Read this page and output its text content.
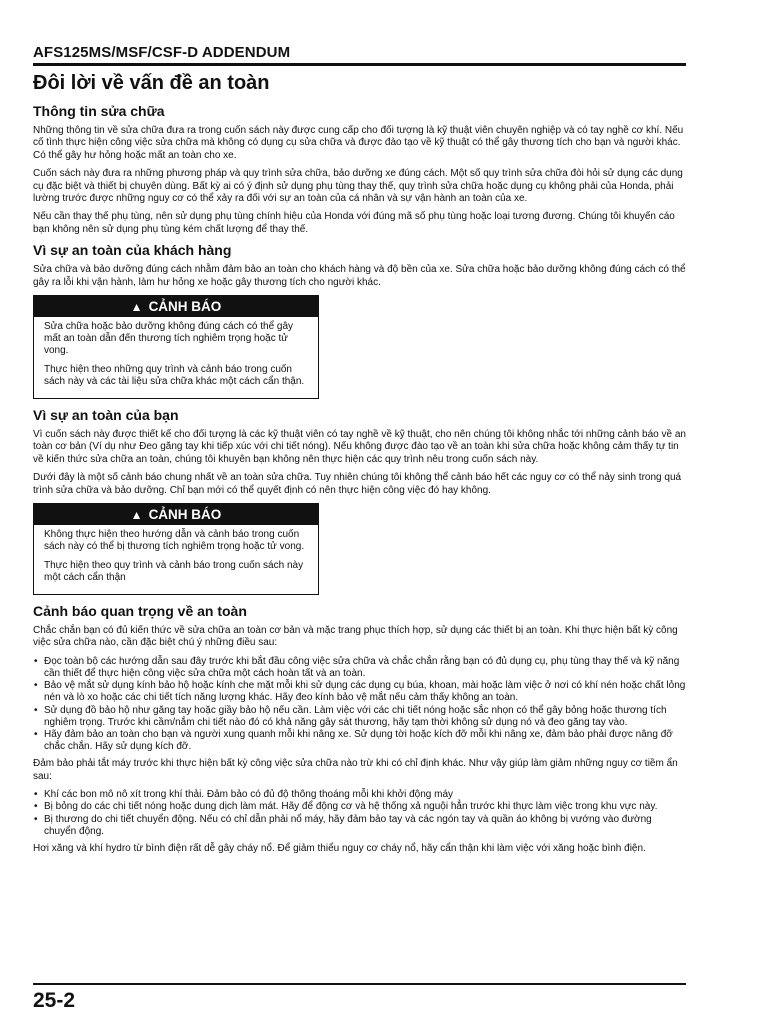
AFS125MS/MSF/CSF-D ADDENDUM
Đôi lời về vấn đề an toàn
Thông tin sửa chữa

Những thông tin về sửa chữa đưa ra trong cuốn sách này được cung cấp cho đối tượng là kỹ thuật viên chuyên nghiệp và có tay nghề cơ khí. Nếu cố tình thực hiện công việc sửa chữa mà không có dụng cụ sửa chữa và được đào tạo về kỹ thuật có thể gây thương tích cho bạn và người khác. Có thể gây hư hỏng hoặc mất an toàn cho xe.

Cuốn sách này đưa ra những phương pháp và quy trình sửa chữa, bảo dưỡng xe đúng cách. Một số quy trình sửa chữa đòi hỏi sử dụng các dụng cụ đặc biệt và thiết bị chuyên dùng. Bất kỳ ai có ý định sử dụng phụ tùng thay thế, quy trình sửa chữa hoặc dụng cụ không phải của Honda, phải lường trước được những nguy cơ có thể xảy ra đối với sự an toàn của cá nhân và sự vận hành an toàn của xe.

Nếu cần thay thế phụ tùng, nên sử dụng phụ tùng chính hiệu của Honda với đúng mã số phụ tùng hoặc loại tương đương. Chúng tôi khuyến cáo bạn không nên sử dụng phụ tùng kém chất lượng để thay thế.

Vì sự an toàn của khách hàng

Sửa chữa và bảo dưỡng đúng cách nhằm đảm bảo an toàn cho khách hàng và độ bền của xe. Sửa chữa hoặc bảo dưỡng không đúng cách có thể gây ra lỗi khi vận hành, làm hư hỏng xe hoặc gây thương tích cho người khác.

▲ CẢNH BÁO

Sửa chữa hoặc bảo dưỡng không đúng cách có thể gây mất an toàn dẫn đến thương tích nghiêm trọng hoặc tử vong.

Thực hiện theo những quy trình và cảnh báo trong cuốn sách này và các tài liệu sửa chữa khác một cách cẩn thận.

Vì sự an toàn của bạn

Vì cuốn sách này được thiết kế cho đối tượng là các kỹ thuật viên có tay nghề về kỹ thuật, cho nên chúng tôi không nhắc tới những cảnh báo về an toàn cơ bản (Ví dụ như Đeo găng tay khi tiếp xúc với chi tiết nóng). Nếu không được đào tạo về an toàn khi sửa chữa hoặc không cảm thấy tự tin về kiến thức sửa chữa an toàn, chúng tôi khuyên bạn không nên thực hiện các quy trình nêu trong cuốn sách này.

Dưới đây là một số cảnh báo chung nhất về an toàn sửa chữa. Tuy nhiên chúng tôi không thể cảnh báo hết các nguy cơ có thể nảy sinh trong quá trình sửa chữa và bảo dưỡng. Chỉ bạn mới có thể quyết định có nên thực hiện công việc đó hay không.

▲ CẢNH BÁO

Không thực hiện theo hướng dẫn và cảnh báo trong cuốn sách này có thể bị thương tích nghiêm trọng hoặc tử vong.

Thực hiện theo quy trình và cảnh báo trong cuốn sách này một cách cẩn thận

Cảnh báo quan trọng về an toàn

Chắc chắn bạn có đủ kiến thức về sửa chữa an toàn cơ bản và mặc trang phục thích hợp, sử dụng các thiết bị an toàn. Khi thực hiện bất kỳ công việc sửa chữa nào, cần đặc biệt chú ý những điều sau:

• Đọc toàn bộ các hướng dẫn sau đây trước khi bắt đầu công việc sửa chữa và chắc chắn rằng bạn có đủ dụng cụ, phụ tùng thay thế và kỹ năng cần thiết để thực hiện công việc sửa chữa một cách hoàn tất và an toàn.
• Bảo vệ mắt sử dụng kính bảo hộ hoặc kính che mặt mỗi khi sử dụng các dụng cụ búa, khoan, mài hoặc làm việc ở nơi có khí nén hoặc chất lỏng nén và lò xo hoặc các chi tiết tích năng lượng khác. Hãy đeo kính bảo vệ mắt nếu cảm thấy không an toàn.
• Sử dụng đồ bảo hộ như găng tay hoặc giầy bảo hộ nếu cần. Làm việc với các chi tiết nóng hoặc sắc nhọn có thể gây bỏng hoặc thương tích nghiêm trọng. Trước khi cầm/nắm chi tiết nào đó có khả năng gây sát thương, hãy tạm thời không sử dụng nó và đeo găng tay vào.
• Hãy đảm bảo an toàn cho bạn và người xung quanh mỗi khi nâng xe. Sử dụng tời hoặc kích đỡ mỗi khi nâng xe, đảm bảo phải được nâng đỡ chắc chắn. Hãy sử dụng kích đỡ.

Đảm bảo phải tắt máy trước khi thực hiện bất kỳ công việc sửa chữa nào trừ khi có chỉ định khác. Như vậy giúp làm giảm những nguy cơ tiềm ẩn sau:

• Khí các bon mô nô xít trong khí thải. Đảm bảo có đủ độ thông thoáng mỗi khi khởi động máy
• Bị bỏng do các chi tiết nóng hoặc dung dịch làm mát. Hãy để động cơ và hệ thống xả nguội hẳn trước khi thực làm việc trong khu vực này.
• Bị thương do chi tiết chuyển động. Nếu có chỉ dẫn phải nổ máy, hãy đảm bảo tay và các ngón tay và quần áo không bị vướng vào đường chuyển động.

Hơi xăng và khí hydro từ bình điện rất dễ gây cháy nổ. Để giảm thiểu nguy cơ cháy nổ, hãy cẩn thận khi làm việc với xăng hoặc bình điện.

25-2
